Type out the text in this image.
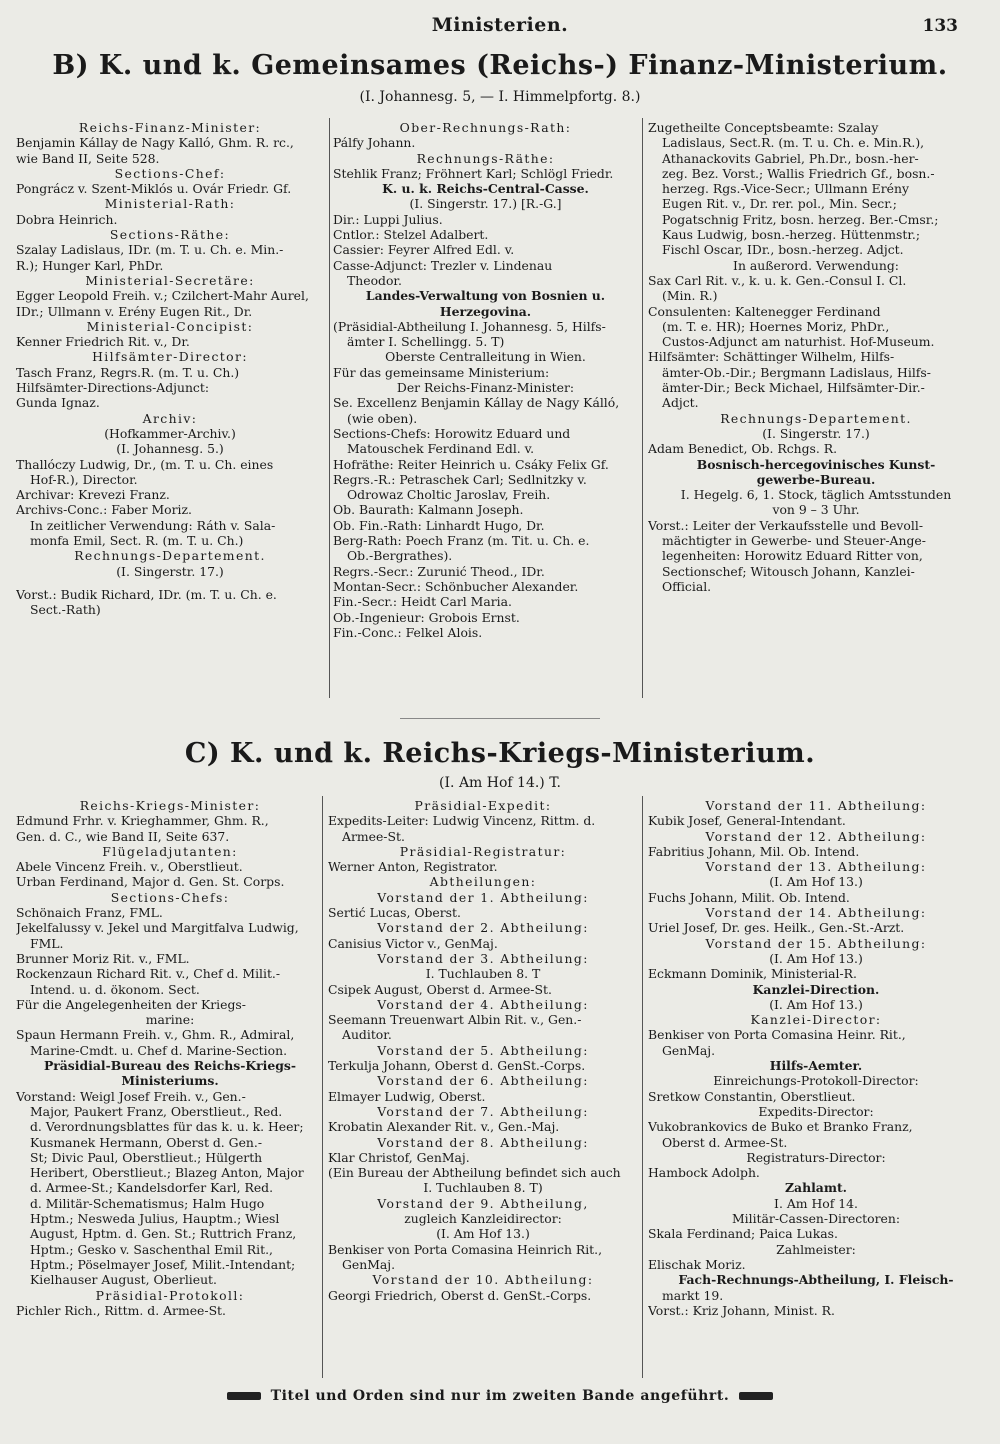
Ministerien.	133
B) K. und k. Gemeinsames (Reichs-) Finanz-Ministerium.
(I. Johannesg. 5, — I. Himmelpfortg. 8.)
Reichs-Finanz-Minister:
Benjamin Kállay de Nagy Kalló, Ghm. R. rc.,
wie Band II, Seite 528.
Sections-Chef:
Pongrácz v. Szent-Miklós u. Ovár Friedr. Gf.
Ministerial-Rath:
Dobra Heinrich.
Sections-Räthe:
Szalay Ladislaus, IDr. (m. T. u. Ch. e. Min.-
R.); Hunger Karl, PhDr.
Ministerial-Secretäre:
Egger Leopold Freih. v.; Czilchert-Mahr Aurel,
IDr.; Ullmann v. Erény Eugen Rit., Dr.
Ministerial-Concipist:
Kenner Friedrich Rit. v., Dr.
Hilfsämter-Director:
Tasch Franz, Regrs.R. (m. T. u. Ch.)
Hilfsämter-Directions-Adjunct:
Gunda Ignaz.
Archiv:
(Hofkammer-Archiv.)
(I. Johannesg. 5.)
Thallóczy Ludwig, Dr., (m. T. u. Ch. eines
Hof-R.), Director.
Archivar: Krevezi Franz.
Archivs-Conc.: Faber Moriz.
In zeitlicher Verwendung: Ráth v. Sala-
monfa Emil, Sect. R. (m. T. u. Ch.)
Rechnungs-Departement.
(I. Singerstr. 17.)
Vorst.: Budik Richard, IDr. (m. T. u. Ch. e.
Sect.-Rath)
Ober-Rechnungs-Rath:
Pálfy Johann.
Rechnungs-Räthe:
Stehlik Franz; Fröhnert Karl; Schlögl Friedr.
K. u. k. Reichs-Central-Casse.
(I. Singerstr. 17.) [R.-G.]
Dir.: Luppi Julius.
Cntlor.: Stelzel Adalbert.
Cassier: Feyrer Alfred Edl. v.
Casse-Adjunct: Trezler v. Lindenau
Theodor.
Landes-Verwaltung von Bosnien u.
Herzegovina.
(Präsidial-Abtheilung I. Johannesg. 5, Hilfs-
ämter I. Schellingg. 5. T)
Oberste Centralleitung in Wien.
Für das gemeinsame Ministerium:
Der Reichs-Finanz-Minister:
Se. Excellenz Benjamin Kállay de Nagy Kálló,
(wie oben).
Sections-Chefs: Horowitz Eduard und
Matouschek Ferdinand Edl. v.
Hofräthe: Reiter Heinrich u. Csáky Felix Gf.
Regrs.-R.: Petraschek Carl; Sedlnitzky v.
Odrowaz Choltic Jaroslav, Freih.
Ob. Baurath: Kalmann Joseph.
Ob. Fin.-Rath: Linhardt Hugo, Dr.
Berg-Rath: Poech Franz (m. Tit. u. Ch. e.
Ob.-Bergrathes).
Regrs.-Secr.: Zurunić Theod., IDr.
Montan-Secr.: Schönbucher Alexander.
Fin.-Secr.: Heidt Carl Maria.
Ob.-Ingenieur: Grobois Ernst.
Fin.-Conc.: Felkel Alois.
Zugetheilte Conceptsbeamte: Szalay
Ladislaus, Sect.R. (m. T. u. Ch. e. Min.R.),
Athanackovits Gabriel, Ph.Dr., bosn.-her-
zeg. Bez. Vorst.; Wallis Friedrich Gf., bosn.-
herzeg. Rgs.-Vice-Secr.; Ullmann Erény
Eugen Rit. v., Dr. rer. pol., Min. Secr.;
Pogatschnig Fritz, bosn. herzeg. Ber.-Cmsr.;
Kaus Ludwig, bosn.-herzeg. Hüttenmstr.;
Fischl Oscar, IDr., bosn.-herzeg. Adjct.
In außerord. Verwendung:
Sax Carl Rit. v., k. u. k. Gen.-Consul I. Cl.
(Min. R.)
Consulenten: Kaltenegger Ferdinand
(m. T. e. HR); Hoernes Moriz, PhDr.,
Custos-Adjunct am naturhist. Hof-Museum.
Hilfsämter: Schättinger Wilhelm, Hilfs-
ämter-Ob.-Dir.; Bergmann Ladislaus, Hilfs-
ämter-Dir.; Beck Michael, Hilfsämter-Dir.-
Adjct.
Rechnungs-Departement.
(I. Singerstr. 17.)
Adam Benedict, Ob. Rchgs. R.
Bosnisch-hercegovinisches Kunst-
gewerbe-Bureau.
I. Hegelg. 6, 1. Stock, täglich Amtsstunden
von 9 – 3 Uhr.
Vorst.: Leiter der Verkaufsstelle und Bevoll-
mächtigter in Gewerbe- und Steuer-Ange-
legenheiten: Horowitz Eduard Ritter von,
Sectionschef; Witousch Johann, Kanzlei-
Official.
C) K. und k. Reichs-Kriegs-Ministerium.
(I. Am Hof 14.) T.
Reichs-Kriegs-Minister:
Edmund Frhr. v. Krieghammer, Ghm. R.,
Gen. d. C., wie Band II, Seite 637.
Flügeladjutanten:
Abele Vincenz Freih. v., Oberstlieut.
Urban Ferdinand, Major d. Gen. St. Corps.
Sections-Chefs:
Schönaich Franz, FML.
Jekelfalussy v. Jekel und Margitfalva Ludwig,
FML.
Brunner Moriz Rit. v., FML.
Rockenzaun Richard Rit. v., Chef d. Milit.-
Intend. u. d. ökonom. Sect.
Für die Angelegenheiten der Kriegs-
marine:
Spaun Hermann Freih. v., Ghm. R., Admiral,
Marine-Cmdt. u. Chef d. Marine-Section.
Präsidial-Bureau des Reichs-Kriegs-
Ministeriums.
Vorstand: Weigl Josef Freih. v., Gen.-
Major, Paukert Franz, Oberstlieut., Red.
d. Verordnungsblattes für das k. u. k. Heer;
Kusmanek Hermann, Oberst d. Gen.-
St; Divic Paul, Oberstlieut.; Hülgerth
Heribert, Oberstlieut.; Blazeg Anton, Major
d. Armee-St.; Kandelsdorfer Karl, Red.
d. Militär-Schematismus; Halm Hugo
Hptm.; Nesweda Julius, Hauptm.; Wiesl
August, Hptm. d. Gen. St.; Ruttrich Franz,
Hptm.; Gesko v. Saschenthal Emil Rit.,
Hptm.; Pöselmayer Josef, Milit.-Intendant;
Kielhauser August, Oberlieut.
Präsidial-Protokoll:
Pichler Rich., Rittm. d. Armee-St.
Präsidial-Expedit:
Expedits-Leiter: Ludwig Vincenz, Rittm. d.
Armee-St.
Präsidial-Registratur:
Werner Anton, Registrator.
Abtheilungen:
Vorstand der 1. Abtheilung:
Sertić Lucas, Oberst.
Vorstand der 2. Abtheilung:
Canisius Victor v., GenMaj.
Vorstand der 3. Abtheilung:
I. Tuchlauben 8. T
Csipek August, Oberst d. Armee-St.
Vorstand der 4. Abtheilung:
Seemann Treuenwart Albin Rit. v., Gen.-
Auditor.
Vorstand der 5. Abtheilung:
Terkulja Johann, Oberst d. GenSt.-Corps.
Vorstand der 6. Abtheilung:
Elmayer Ludwig, Oberst.
Vorstand der 7. Abtheilung:
Krobatin Alexander Rit. v., Gen.-Maj.
Vorstand der 8. Abtheilung:
Klar Christof, GenMaj.
(Ein Bureau der Abtheilung befindet sich auch
I. Tuchlauben 8. T)
Vorstand der 9. Abtheilung,
zugleich Kanzleidirector:
(I. Am Hof 13.)
Benkiser von Porta Comasina Heinrich Rit.,
GenMaj.
Vorstand der 10. Abtheilung:
Georgi Friedrich, Oberst d. GenSt.-Corps.
Vorstand der 11. Abtheilung:
Kubik Josef, General-Intendant.
Vorstand der 12. Abtheilung:
Fabritius Johann, Mil. Ob. Intend.
Vorstand der 13. Abtheilung:
(I. Am Hof 13.)
Fuchs Johann, Milit. Ob. Intend.
Vorstand der 14. Abtheilung:
Uriel Josef, Dr. ges. Heilk., Gen.-St.-Arzt.
Vorstand der 15. Abtheilung:
(I. Am Hof 13.)
Eckmann Dominik, Ministerial-R.
Kanzlei-Direction.
(I. Am Hof 13.)
Kanzlei-Director:
Benkiser von Porta Comasina Heinr. Rit.,
GenMaj.
Hilfs-Aemter.
Einreichungs-Protokoll-Director:
Sretkow Constantin, Oberstlieut.
Expedits-Director:
Vukobrankovics de Buko et Branko Franz,
Oberst d. Armee-St.
Registraturs-Director:
Hambock Adolph.
Zahlamt.
I. Am Hof 14.
Militär-Cassen-Directoren:
Skala Ferdinand; Paica Lukas.
Zahlmeister:
Elischak Moriz.
Fach-Rechnungs-Abtheilung, I. Fleisch-
markt 19.
Vorst.: Kriz Johann, Minist. R.
Titel und Orden sind nur im zweiten Bande angeführt.
